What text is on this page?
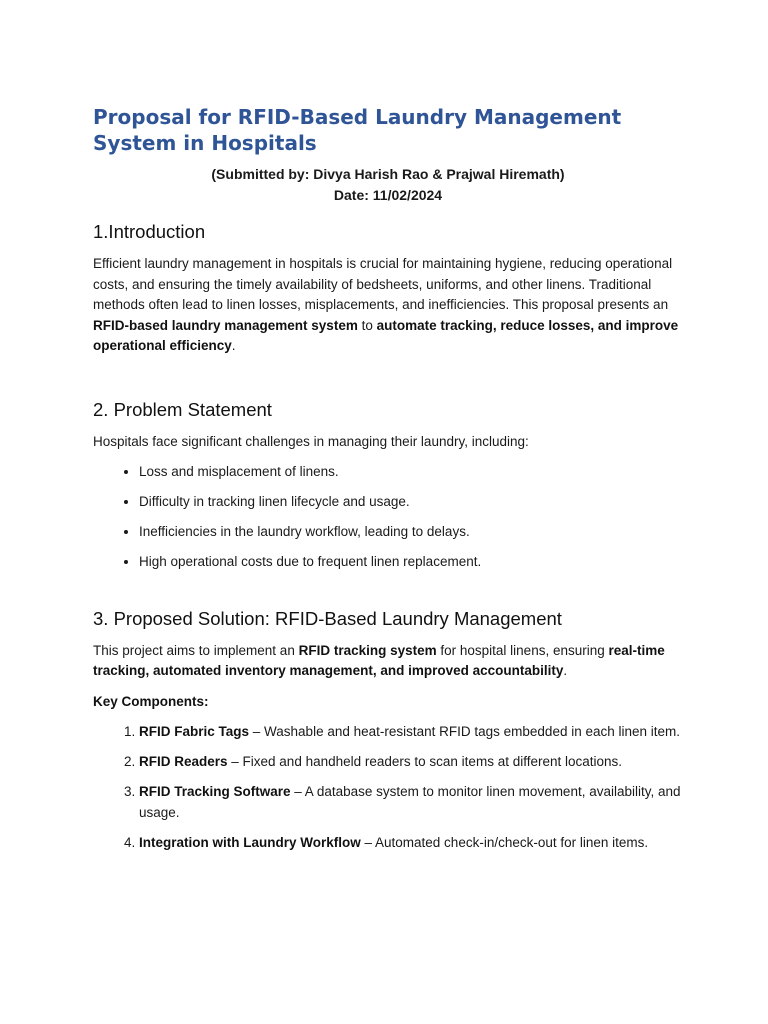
Proposal for RFID-Based Laundry Management System in Hospitals

(Submitted by: Divya Harish Rao & Prajwal Hiremath)

Date: 11/02/2024

1.Introduction

Efficient laundry management in hospitals is crucial for maintaining hygiene, reducing operational costs, and ensuring the timely availability of bedsheets, uniforms, and other linens. Traditional methods often lead to linen losses, misplacements, and inefficiencies. This proposal presents an RFID-based laundry management system to automate tracking, reduce losses, and improve operational efficiency.

2. Problem Statement

Hospitals face significant challenges in managing their laundry, including:

• Loss and misplacement of linens.
• Difficulty in tracking linen lifecycle and usage.
• Inefficiencies in the laundry workflow, leading to delays.
• High operational costs due to frequent linen replacement.
3. Proposed Solution: RFID-Based Laundry Management

This project aims to implement an RFID tracking system for hospital linens, ensuring real-time tracking, automated inventory management, and improved accountability.

Key Components:

1. RFID Fabric Tags – Washable and heat-resistant RFID tags embedded in each linen item.
2. RFID Readers – Fixed and handheld readers to scan items at different locations.
3. RFID Tracking Software – A database system to monitor linen movement, availability, and usage.
4. Integration with Laundry Workflow – Automated check-in/check-out for linen items.
